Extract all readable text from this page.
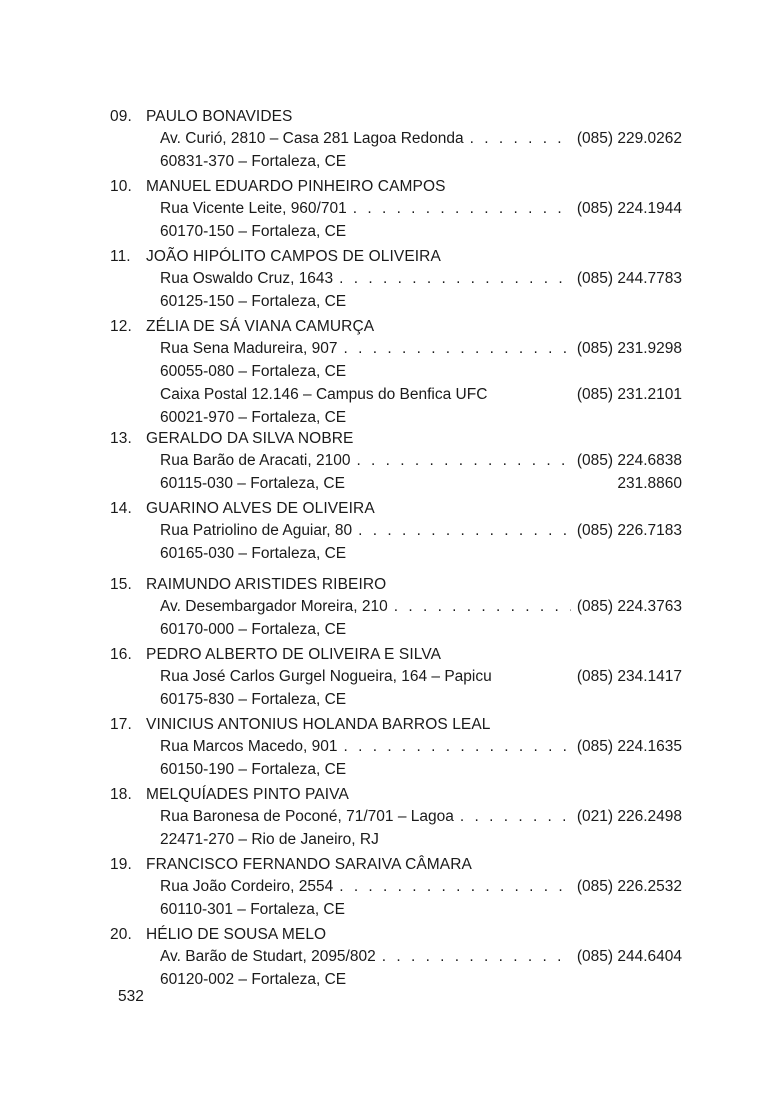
09. PAULO BONAVIDES
Av. Curió, 2810 – Casa 281 Lagoa Redonda . . .	(085) 229.0262
60831-370 – Fortaleza, CE
10. MANUEL EDUARDO PINHEIRO CAMPOS
Rua Vicente Leite, 960/701 . . .	(085) 224.1944
60170-150 – Fortaleza, CE
11. JOÃO HIPÓLITO CAMPOS DE OLIVEIRA
Rua Oswaldo Cruz, 1643 . . .	(085) 244.7783
60125-150 – Fortaleza, CE
12. ZÉLIA DE SÁ VIANA CAMURÇA
Rua Sena Madureira, 907 . . .	(085) 231.9298
60055-080 – Fortaleza, CE
Caixa Postal 12.146 – Campus do Benfica UFC	(085) 231.2101
60021-970 – Fortaleza, CE
13. GERALDO DA SILVA NOBRE
Rua Barão de Aracati, 2100 . . .	(085) 224.6838
60115-030 – Fortaleza, CE	231.8860
14. GUARINO ALVES DE OLIVEIRA
Rua Patriolino de Aguiar, 80 . . .	(085) 226.7183
60165-030 – Fortaleza, CE
15. RAIMUNDO ARISTIDES RIBEIRO
Av. Desembargador Moreira, 210 . . .	(085) 224.3763
60170-000 – Fortaleza, CE
16. PEDRO ALBERTO DE OLIVEIRA E SILVA
Rua José Carlos Gurgel Nogueira, 164 – Papicu	(085) 234.1417
60175-830 – Fortaleza, CE
17. VINICIUS ANTONIUS HOLANDA BARROS LEAL
Rua Marcos Macedo, 901 . . .	(085) 224.1635
60150-190 – Fortaleza, CE
18. MELQUÍADES PINTO PAIVA
Rua Baronesa de Poconé, 71/701 – Lagoa . . .	(021) 226.2498
22471-270 – Rio de Janeiro, RJ
19. FRANCISCO FERNANDO SARAIVA CÂMARA
Rua João Cordeiro, 2554 . . .	(085) 226.2532
60110-301 – Fortaleza, CE
20. HÉLIO DE SOUSA MELO
Av. Barão de Studart, 2095/802 . . .	(085) 244.6404
60120-002 – Fortaleza, CE
532
